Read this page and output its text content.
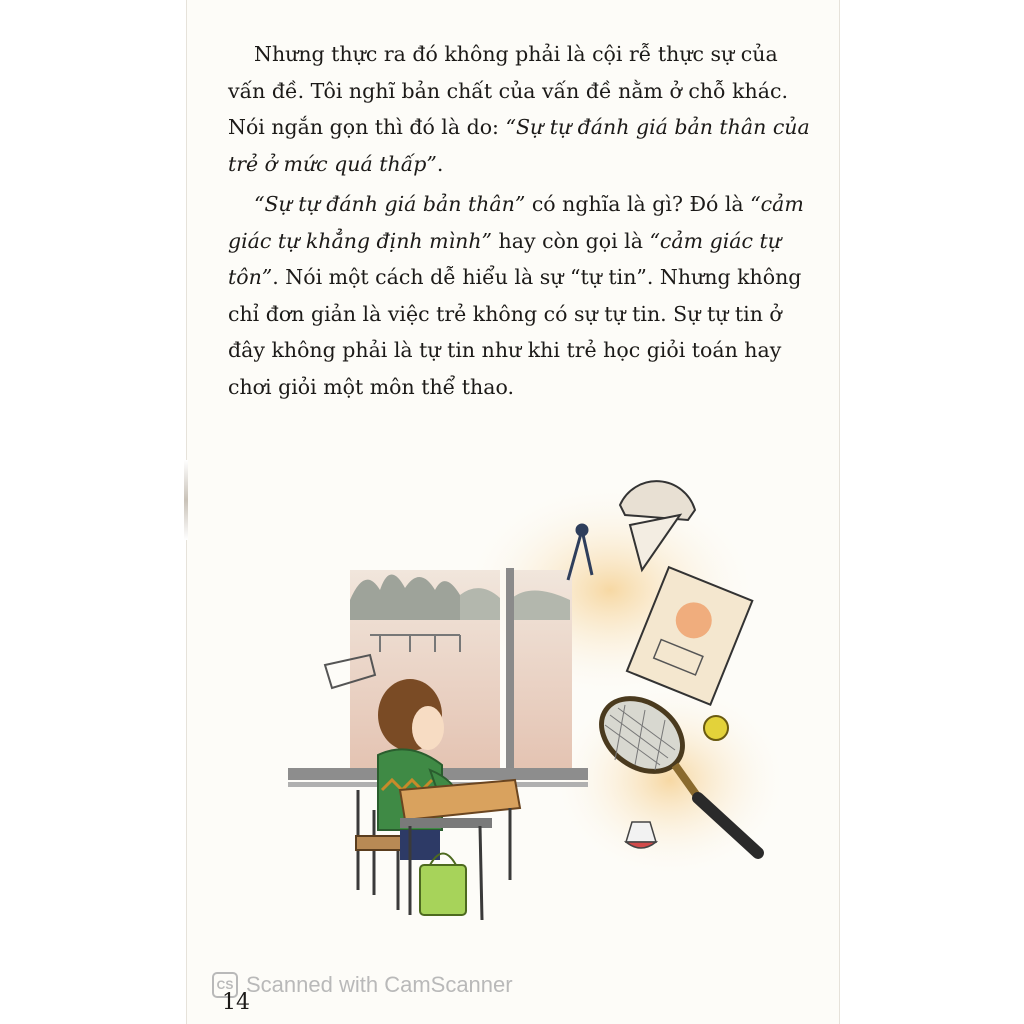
Nhưng thực ra đó không phải là cội rễ thực sự của
vấn đề. Tôi nghĩ bản chất của vấn đề nằm ở chỗ khác.
Nói ngắn gọn thì đó là do: “Sự tự đánh giá bản thân của
trẻ ở mức quá thấp”.
“Sự tự đánh giá bản thân” có nghĩa là gì? Đó là “cảm
giác tự khẳng định mình” hay còn gọi là “cảm giác tự
tôn”. Nói một cách dễ hiểu là sự “tự tin”. Nhưng không
chỉ đơn giản là việc trẻ không có sự tự tin. Sự tự tin ở
đây không phải là tự tin như khi trẻ học giỏi toán hay
chơi giỏi một môn thể thao.
CS Scanned with CamScanner
14
